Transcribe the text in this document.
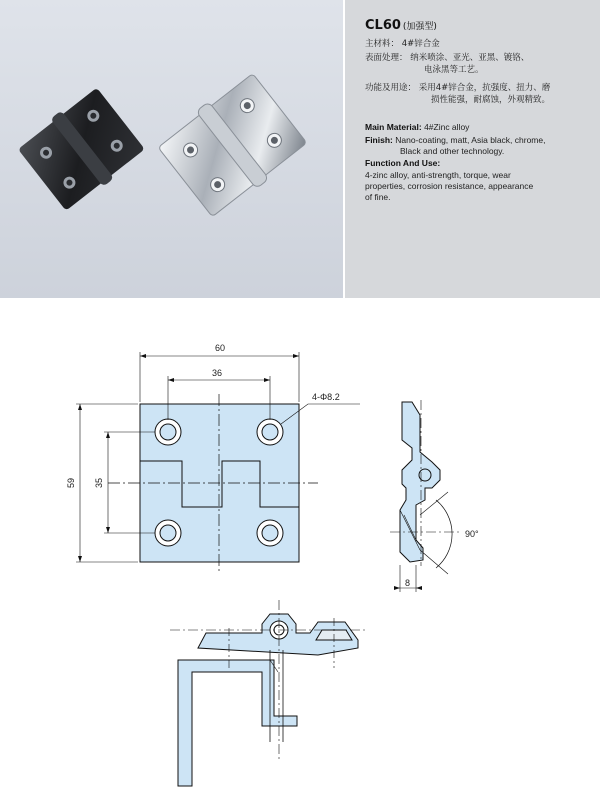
CL60 (加强型)
主材料： 4#锌合金
表面处理： 纳米喷涂、亚光、亚黑、镀铬、
电泳黑等工艺。
功能及用途： 采用4#锌合金，抗强度、扭力、磨
损性能强，耐腐蚀，外观精致。
Main Material: 4#Zinc alloy
Finish: Nano-coating, matt, Asia black, chrome,
Black and other technology.
Function And Use:
4-zinc alloy, anti-strength, torque, wear
properties, corrosion resistance, appearance
of fine.
60
36
59 35
4-Φ8.2
90°
8
